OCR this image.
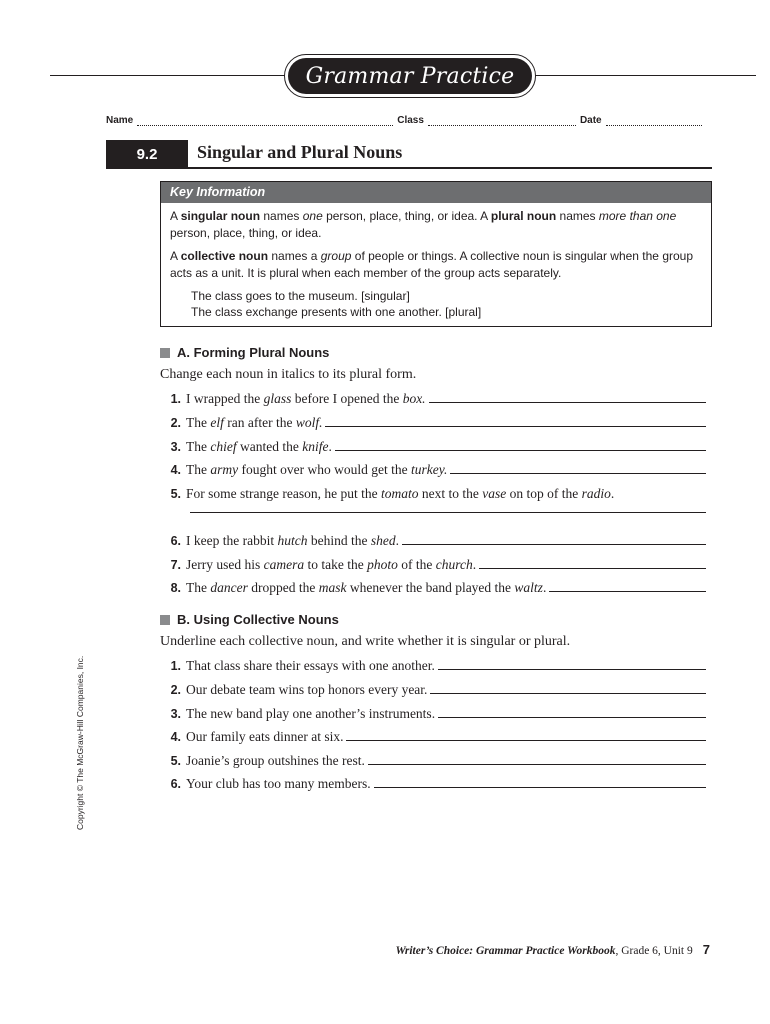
Grammar Practice
Name	Class	Date
9.2	Singular and Plural Nouns
Key Information

A singular noun names one person, place, thing, or idea. A plural noun names more than one person, place, thing, or idea.

A collective noun names a group of people or things. A collective noun is singular when the group acts as a unit. It is plural when each member of the group acts separately.

The class goes to the museum. [singular]
The class exchange presents with one another. [plural]
A. Forming Plural Nouns
Change each noun in italics to its plural form.
1. I wrapped the glass before I opened the box.
2. The elf ran after the wolf.
3. The chief wanted the knife.
4. The army fought over who would get the turkey.
5. For some strange reason, he put the tomato next to the vase on top of the radio.
6. I keep the rabbit hutch behind the shed.
7. Jerry used his camera to take the photo of the church.
8. The dancer dropped the mask whenever the band played the waltz.
B. Using Collective Nouns
Underline each collective noun, and write whether it is singular or plural.
1. That class share their essays with one another.
2. Our debate team wins top honors every year.
3. The new band play one another’s instruments.
4. Our family eats dinner at six.
5. Joanie’s group outshines the rest.
6. Your club has too many members.
Copyright © The McGraw-Hill Companies, Inc.
Writer’s Choice: Grammar Practice Workbook, Grade 6, Unit 9 7
